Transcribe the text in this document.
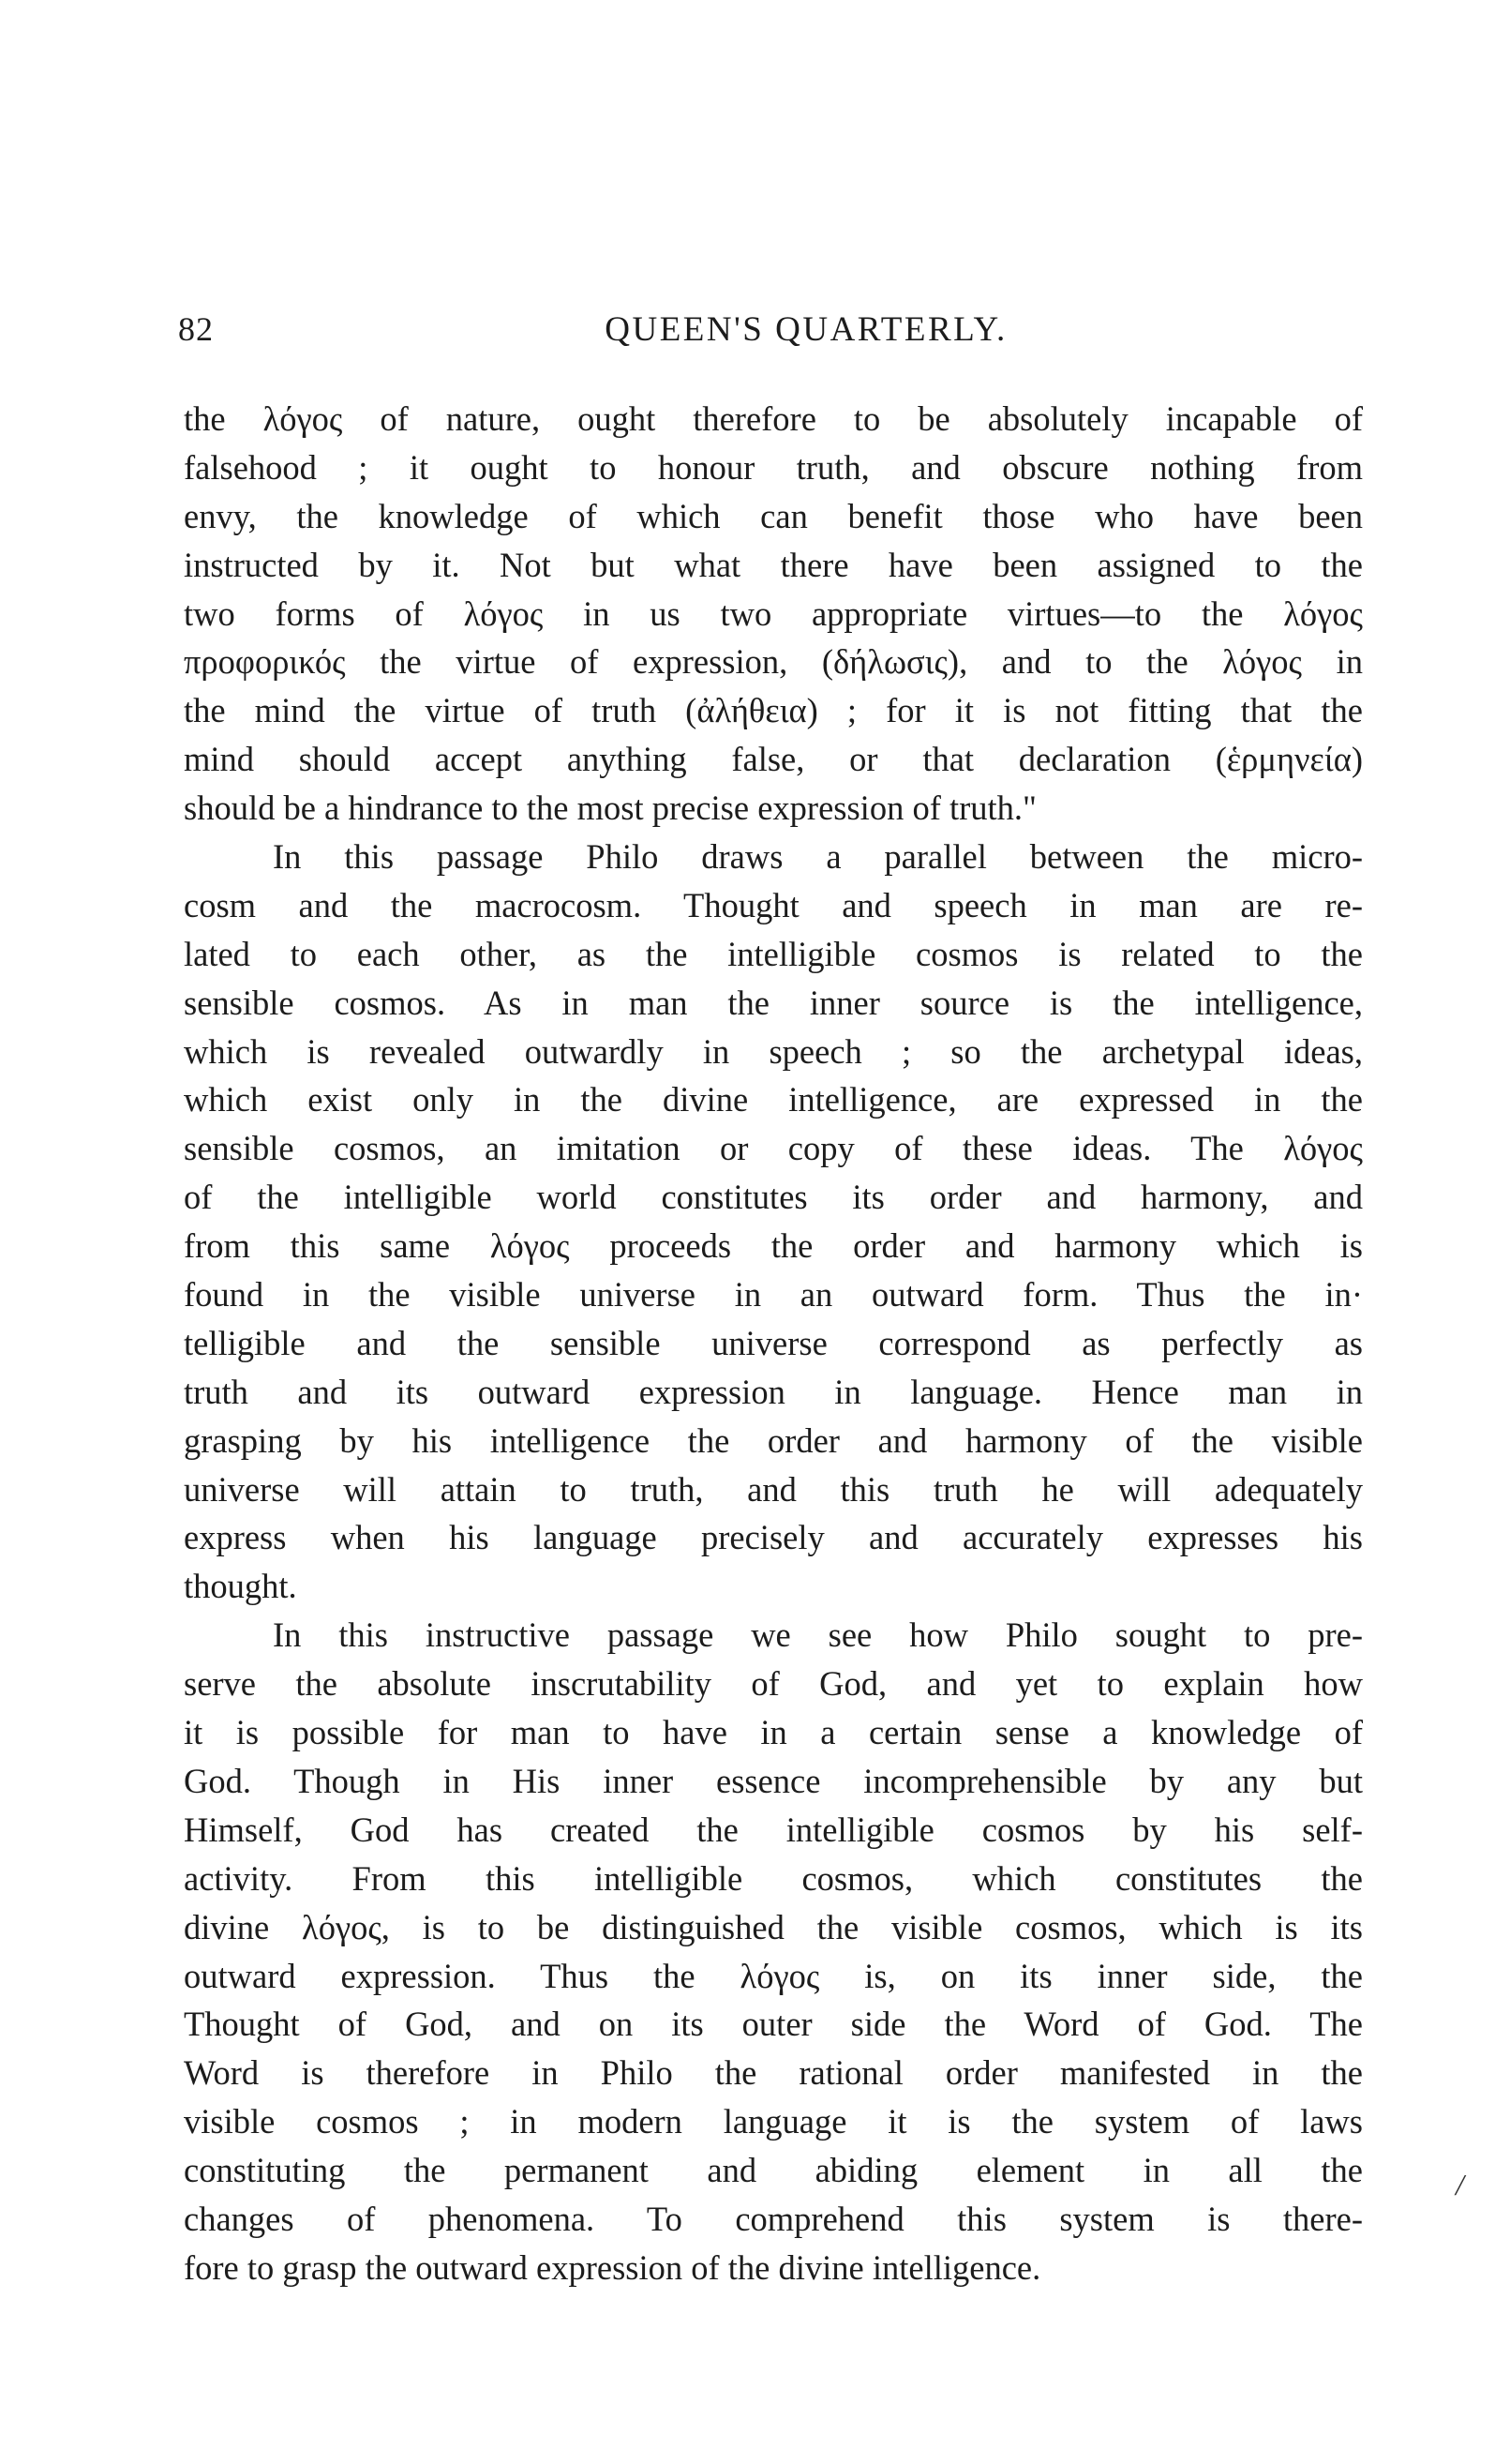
82	QUEEN'S QUARTERLY.
the λόγος of nature, ought therefore to be absolutely incapable of
falsehood ; it ought to honour truth, and obscure nothing from
envy, the knowledge of which can benefit those who have been
instructed by it. Not but what there have been assigned to the
two forms of λόγος in us two appropriate virtues—to the λόγος
προφορικός the virtue of expression, (δήλωσις), and to the λόγος in
the mind the virtue of truth (ἀλήθεια) ; for it is not fitting that the
mind should accept anything false, or that declaration (ἑρμηνεία)
should be a hindrance to the most precise expression of truth."
In this passage Philo draws a parallel between the micro-
cosm and the macrocosm. Thought and speech in man are re-
lated to each other, as the intelligible cosmos is related to the
sensible cosmos. As in man the inner source is the intelligence,
which is revealed outwardly in speech ; so the archetypal ideas,
which exist only in the divine intelligence, are expressed in the
sensible cosmos, an imitation or copy of these ideas. The λόγος
of the intelligible world constitutes its order and harmony, and
from this same λόγος proceeds the order and harmony which is
found in the visible universe in an outward form. Thus the in·
telligible and the sensible universe correspond as perfectly as
truth and its outward expression in language. Hence man in
grasping by his intelligence the order and harmony of the visible
universe will attain to truth, and this truth he will adequately
express when his language precisely and accurately expresses his
thought.
In this instructive passage we see how Philo sought to pre-
serve the absolute inscrutability of God, and yet to explain how
it is possible for man to have in a certain sense a knowledge of
God. Though in His inner essence incomprehensible by any but
Himself, God has created the intelligible cosmos by his self-
activity. From this intelligible cosmos, which constitutes the
divine λόγος, is to be distinguished the visible cosmos, which is its
outward expression. Thus the λόγος is, on its inner side, the
Thought of God, and on its outer side the Word of God. The
Word is therefore in Philo the rational order manifested in the
visible cosmos ; in modern language it is the system of laws
constituting the permanent and abiding element in all the
changes of phenomena. To comprehend this system is there-
fore to grasp the outward expression of the divine intelligence.
/
